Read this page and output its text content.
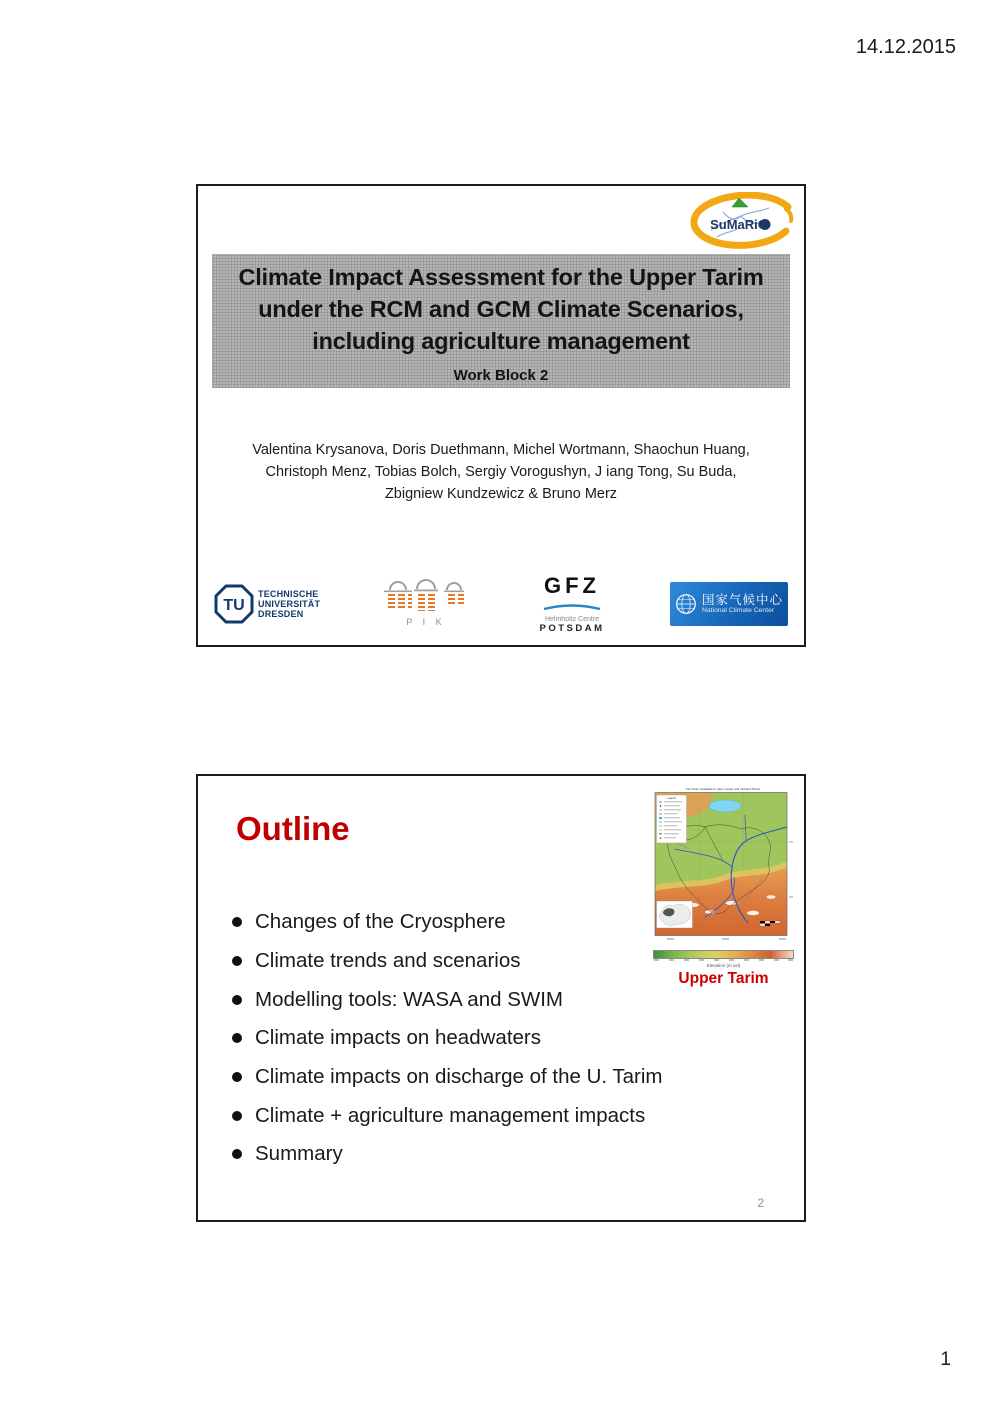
14.12.2015
SuMaRiO
Climate Impact Assessment for the Upper Tarim
under the RCM and GCM Climate Scenarios,
including agriculture management
Work Block 2
Valentina Krysanova, Doris Duethmann, Michel Wortmann, Shaochun Huang,
Christoph Menz, Tobias Bolch, Sergiy Vorogushyn, J iang Tong, Su Buda,
Zbigniew Kundzewicz & Bruno Merz
TU
TECHNISCHE
UNIVERSITÄT
DRESDEN
P I K
GFZ
Helmholtz Centre
POTSDAM
国家气候中心
National Climate Center
Outline
The Tarim headwaters: Aksu, Hotan and Yarkand Rivers
Legend
Elevation (m asl)
Upper Tarim
Changes of the Cryosphere
Climate trends and scenarios
Modelling tools: WASA and SWIM
Climate impacts on headwaters
Climate impacts on discharge of the U. Tarim
Climate + agriculture management impacts
Summary
2
1
